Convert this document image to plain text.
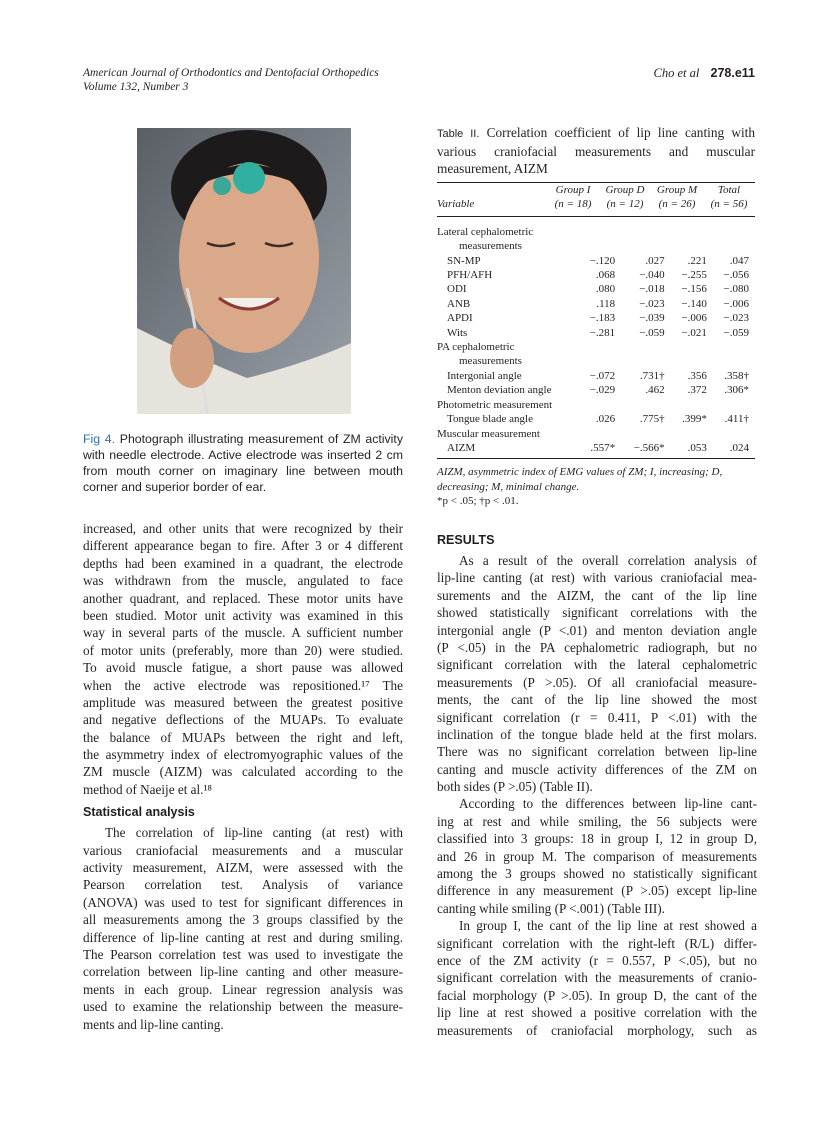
American Journal of Orthodontics and Dentofacial Orthopedics
Volume 132, Number 3
Cho et al 278.e11
Fig 4. Photograph illustrating measurement of ZM activity with needle electrode. Active electrode was inserted 2 cm from mouth corner on imaginary line between mouth corner and superior border of ear.
Table II. Correlation coefficient of lip line canting with various craniofacial measurements and muscular measurement, AIZM
	Group I	Group D	Group M	Total
Variable	(n = 18)	(n = 12)	(n = 26)	(n = 56)
Lateral cephalometric				
measurements				
SN-MP	−.120	.027	.221	.047
PFH/AFH	.068	−.040	−.255	−.056
ODI	.080	−.018	−.156	−.080
ANB	.118	−.023	−.140	−.006
APDI	−.183	−.039	−.006	−.023
Wits	−.281	−.059	−.021	−.059
PA cephalometric				
measurements				
Intergonial angle	−.072	.731†	.356	.358†
Menton deviation angle	−.029	.462	.372	.306*
Photometric measurement				
Tongue blade angle	.026	.775†	.399*	.411†
Muscular measurement				
AIZM	.557*	−.566*	.053	.024
AIZM, asymmetric index of EMG values of ZM; I, increasing; D, decreasing; M, minimal change.
*p < .05; †p < .01.
increased, and other units that were recognized by their
different appearance began to fire. After 3 or 4 different
depths had been examined in a quadrant, the electrode
was withdrawn from the muscle, angulated to face
another quadrant, and replaced. These motor units have
been studied. Motor unit activity was examined in this
way in several parts of the muscle. A sufficient number
of motor units (preferably, more than 20) were studied.
To avoid muscle fatigue, a short pause was allowed
when the active electrode was repositioned.¹⁷ The
amplitude was measured between the greatest positive
and negative deflections of the MUAPs. To evaluate
the balance of MUAPs between the right and left,
the asymmetry index of electromyographic values of the
ZM muscle (AIZM) was calculated according to the
method of Naeije et al.¹⁸
Statistical analysis
The correlation of lip-line canting (at rest) with
various craniofacial measurements and a muscular
activity measurement, AIZM, were assessed with the
Pearson correlation test. Analysis of variance
(ANOVA) was used to test for significant differences in
all measurements among the 3 groups classified by the
difference of lip-line canting at rest and during smiling.
The Pearson correlation test was used to investigate the
correlation between lip-line canting and other measure-
ments in each group. Linear regression analysis was
used to examine the relationship between the measure-
ments and lip-line canting.
RESULTS
As a result of the overall correlation analysis of
lip-line canting (at rest) with various craniofacial mea-
surements and the AIZM, the cant of the lip line
showed statistically significant correlations with the
intergonial angle (P <.01) and menton deviation angle
(P <.05) in the PA cephalometric radiograph, but no
significant correlation with the lateral cephalometric
measurements (P >.05). Of all craniofacial measure-
ments, the cant of the lip line showed the most
significant correlation (r = 0.411, P <.01) with the
inclination of the tongue blade held at the first molars.
There was no significant correlation between lip-line
canting and muscle activity differences of the ZM on
both sides (P >.05) (Table II).
According to the differences between lip-line cant-
ing at rest and while smiling, the 56 subjects were
classified into 3 groups: 18 in group I, 12 in group D,
and 26 in group M. The comparison of measurements
among the 3 groups showed no statistically significant
difference in any measurement (P >.05) except lip-line
canting while smiling (P <.001) (Table III).
In group I, the cant of the lip line at rest showed a
significant correlation with the right-left (R/L) differ-
ence of the ZM activity (r = 0.557, P <.05), but no
significant correlation with the measurements of cranio-
facial morphology (P >.05). In group D, the cant of the
lip line at rest showed a positive correlation with the
measurements of craniofacial morphology, such as
